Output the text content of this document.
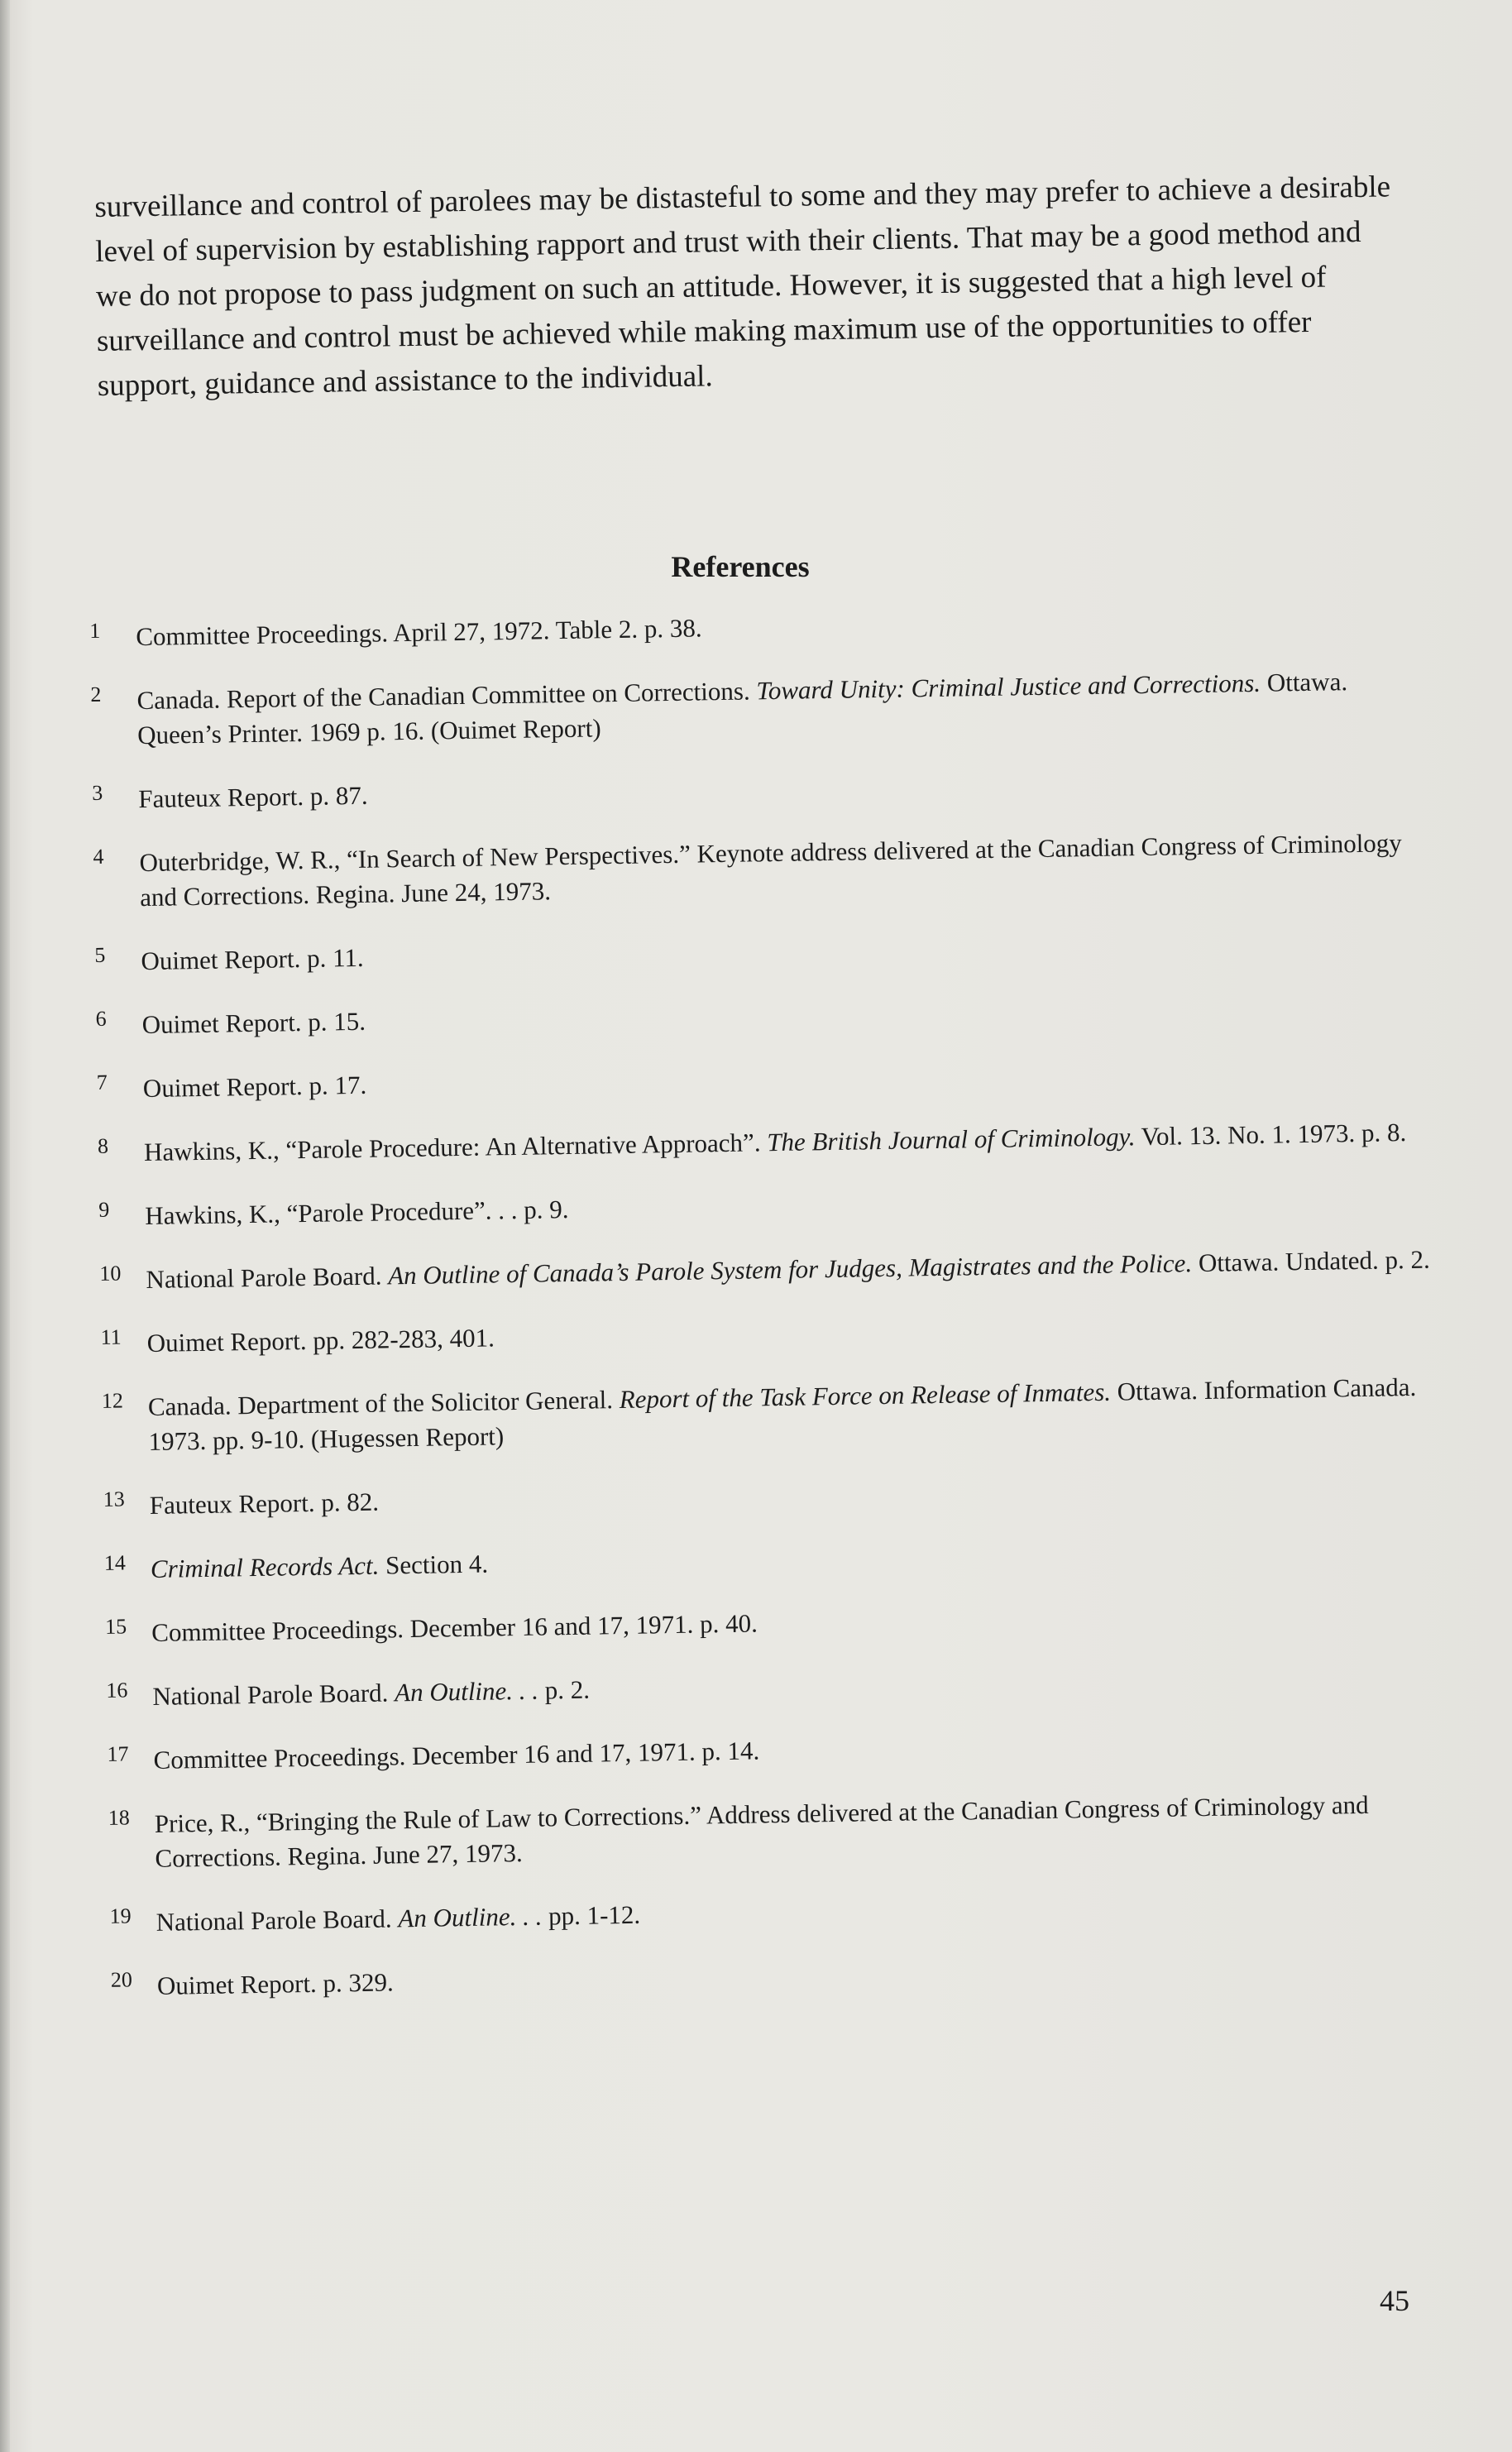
surveillance and control of parolees may be distasteful to some and they may prefer to achieve a desirable level of supervision by establishing rapport and trust with their clients. That may be a good method and we do not propose to pass judgment on such an attitude. However, it is suggested that a high level of surveillance and control must be achieved while making maximum use of the opportunities to offer support, guidance and assistance to the individual.

References
1	Committee Proceedings. April 27, 1972. Table 2. p. 38.
2	Canada. Report of the Canadian Committee on Corrections. Toward Unity: Criminal Justice and Corrections. Ottawa. Queen’s Printer. 1969 p. 16. (Ouimet Report)
3	Fauteux Report. p. 87.
4	Outerbridge, W. R., “In Search of New Perspectives.” Keynote address delivered at the Canadian Congress of Criminology and Corrections. Regina. June 24, 1973.
5	Ouimet Report. p. 11.
6	Ouimet Report. p. 15.
7	Ouimet Report. p. 17.
8	Hawkins, K., “Parole Procedure: An Alternative Approach”. The British Journal of Criminology. Vol. 13. No. 1. 1973. p. 8.
9	Hawkins, K., “Parole Procedure”. . . p. 9.
10 National Parole Board. An Outline of Canada’s Parole System for Judges, Magistrates and the Police. Ottawa. Undated. p. 2.
11 Ouimet Report. pp. 282-283, 401.
12 Canada. Department of the Solicitor General. Report of the Task Force on Release of Inmates. Ottawa. Information Canada. 1973. pp. 9-10. (Hugessen Report)
13 Fauteux Report. p. 82.
14 Criminal Records Act. Section 4.
15 Committee Proceedings. December 16 and 17, 1971. p. 40.
16 National Parole Board. An Outline. . . p. 2.
17 Committee Proceedings. December 16 and 17, 1971. p. 14.
18 Price, R., “Bringing the Rule of Law to Corrections.” Address delivered at the Canadian Congress of Criminology and Corrections. Regina. June 27, 1973.
19 National Parole Board. An Outline. . . pp. 1-12.
20 Ouimet Report. p. 329.

45
